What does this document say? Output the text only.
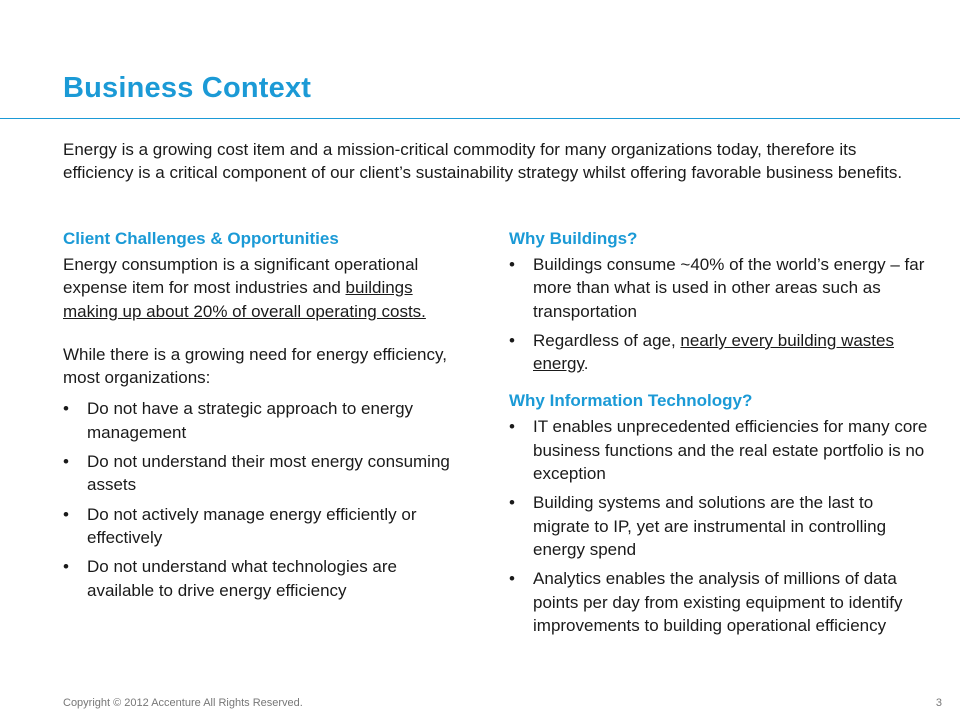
Business Context

Energy is a growing cost item and a mission-critical commodity for many organizations today, therefore its efficiency is a critical component of our client’s sustainability strategy whilst offering favorable business benefits.

Client Challenges & Opportunities

Energy consumption is a significant operational expense item for most industries and buildings making up about 20% of overall operating costs.

While there is a growing need for energy efficiency, most organizations:

• Do not have a strategic approach to energy management
• Do not understand their most energy consuming assets
• Do not actively manage energy efficiently or effectively
• Do not understand what technologies are available to drive energy efficiency
Why Buildings?
• Buildings consume ~40% of the world’s energy – far more than what is used in other areas such as transportation
• Regardless of age, nearly every building wastes energy.
Why Information Technology?
• IT enables unprecedented efficiencies for many core business functions and the real estate portfolio is no exception
• Building systems and solutions are the last to migrate to IP, yet are instrumental in controlling energy spend
• Analytics enables the analysis of millions of data points per day from existing equipment to identify improvements to building operational efficiency
Copyright © 2012 Accenture All Rights Reserved.	3
